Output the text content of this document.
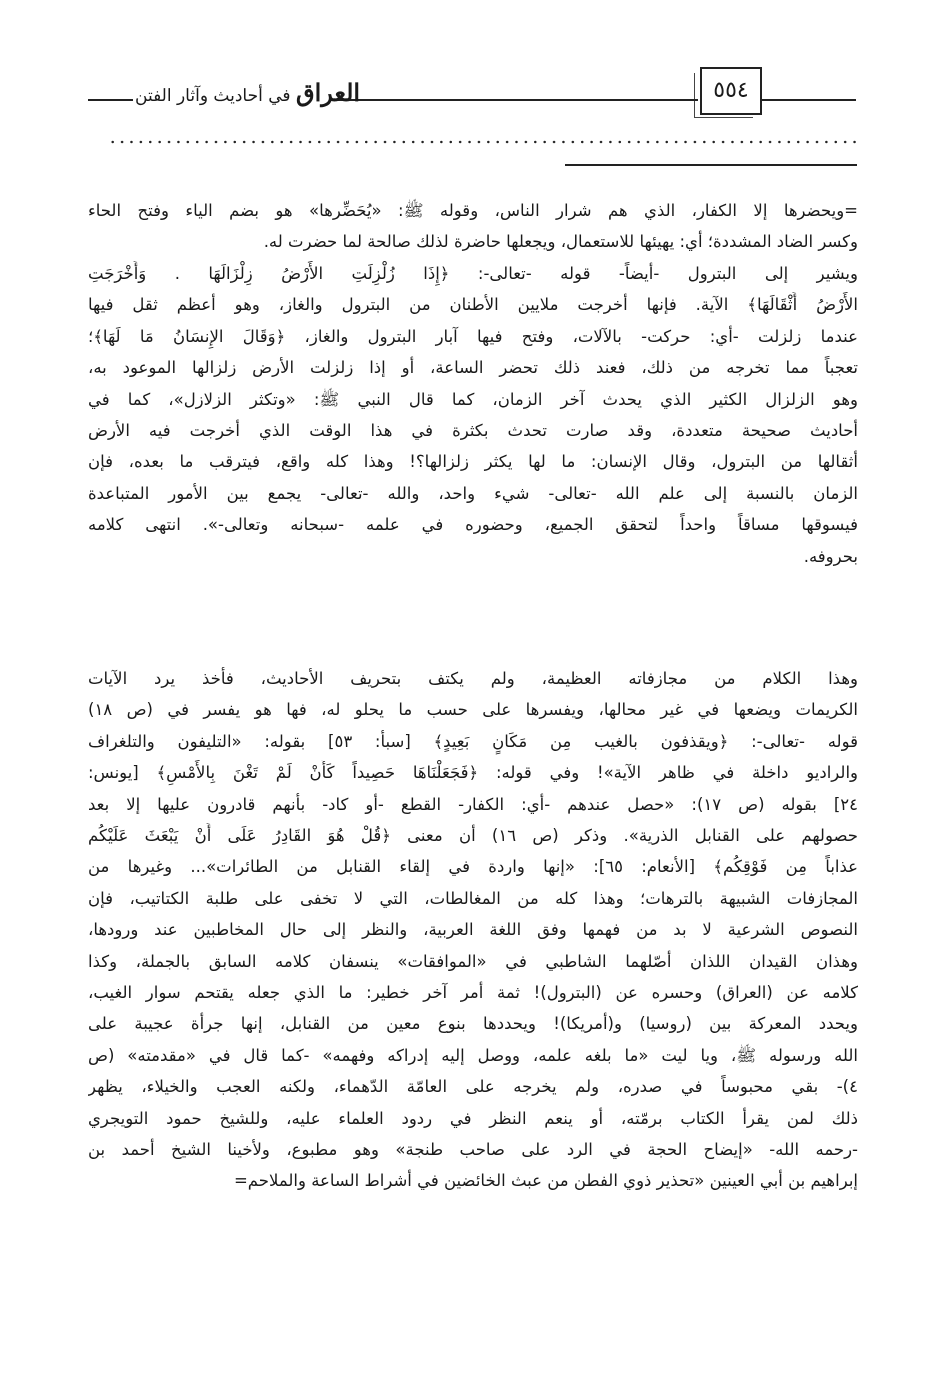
٥٥٤
العراق في أحاديث وآثار الفتن
=ويحضرها إلا الكفار، الذي هم شرار الناس، وقوله ﷺ: «يُحَضِّرها» هو بضم الياء وفتح الحاء
وكسر الضاد المشددة؛ أي: يهيئها للاستعمال، ويجعلها حاضرة لذلك صالحة لما حضرت له.
ويشير إلى البترول -أيضاً- قوله -تعالى-: ﴿إِذَا زُلْزِلَتِ الأَرْضُ زِلْزَالَهَا . وَأَخْرَجَتِ
الأَرْضُ أَثْقَالَهَا﴾ الآية. فإنها أخرجت ملايين الأطنان من البترول والغاز، وهو أعظم ثقل فيها
عندما زلزلت -أي: حركت- بالآلات، وفتح فيها آبار البترول والغاز، ﴿وَقَالَ الإِنسَانُ مَا لَهَا﴾؛
تعجباً مما تخرجه من ذلك، فعند ذلك تحضر الساعة، أو إذا زلزلت الأرض زلزالها الموعود به،
وهو الزلزال الكثير الذي يحدث آخر الزمان، كما قال النبي ﷺ: «وتكثر الزلازل»، كما في
أحاديث صحيحة متعددة، وقد صارت تحدث بكثرة في هذا الوقت الذي أخرجت فيه الأرض
أثقالها من البترول، وقال الإنسان: ما لها يكثر زلزالها؟! وهذا كله واقع، فيترقب ما بعده، فإن
الزمان بالنسبة إلى علم الله -تعالى- شيء واحد، والله -تعالى- يجمع بين الأمور المتباعدة
فيسوقها مساقاً واحداً لتحقق الجميع، وحضوره في علمه -سبحانه وتعالى-». انتهى كلامه
بحروفه.
وهذا الكلام من مجازفاته العظيمة، ولم يكتف بتحريف الأحاديث، فأخذ يرد الآيات
الكريمات ويضعها في غير محالها، ويفسرها على حسب ما يحلو له، فها هو يفسر في (ص ١٨)
قوله -تعالى-: ﴿ويقذفون بالغيب مِن مَكَانٍ بَعِيدٍ﴾ [سبأ: ٥٣] بقوله: «التليفون والتلغراف
والراديو داخلة في ظاهر الآية»! وفي قوله: ﴿فَجَعَلْنَاهَا حَصِيداً كَأَنْ لَمْ تَغْنَ بِالأَمْسِ﴾ [يونس:
٢٤] بقوله (ص ١٧): «حصل عندهم -أي: الكفار- القطع -أو كاد- بأنهم قادرون عليها إلا بعد
حصولهم على القنابل الذرية». وذكر (ص ١٦) أن معنى ﴿قُلْ هُوَ القَادِرُ عَلَى أَنْ يَبْعَثَ عَلَيْكُم
عذاباً مِن فَوْقِكُم﴾ [الأنعام: ٦٥]: «إنها واردة في إلقاء القنابل من الطائرات»... وغيرها من
المجازفات الشبيهة بالترهات؛ وهذا كله من المغالطات، التي لا تخفى على طلبة الكتاتيب، فإن
النصوص الشرعية لا بد من فهمها وفق اللغة العربية، والنظر إلى حال المخاطبين عند ورودها،
وهذان القيدان اللذان أصّلهما الشاطبي في «الموافقات» ينسفان كلامه السابق بالجملة، وكذا
كلامه عن (العراق) وحسره عن (البترول)! ثمة أمر آخر خطير: ما الذي جعله يقتحم سوار الغيب،
ويحدد المعركة بين (روسيا) و(أمريكا)! ويحددها بنوع معين من القنابل، إنها جرأة عجيبة على
الله ورسوله ﷺ، ويا ليت «ما بلغه علمه، ووصل إليه إدراكه وفهمه» -كما قال في «مقدمته» (ص
٤)- بقي محبوساً في صدره، ولم يخرجه على العامّة الدّهماء، ولكنه العجب والخيلاء، يظهر
ذلك لمن يقرأ الكتاب برمّته، أو ينعم النظر في ردود العلماء عليه، وللشيخ حمود التويجري
-رحمه الله- «إيضاح الحجة في الرد على صاحب طنجة» وهو مطبوع، ولأخينا الشيخ أحمد بن
إبراهيم بن أبي العينين «تحذير ذوي الفطن من عبث الخائضين في أشراط الساعة والملاحم=
